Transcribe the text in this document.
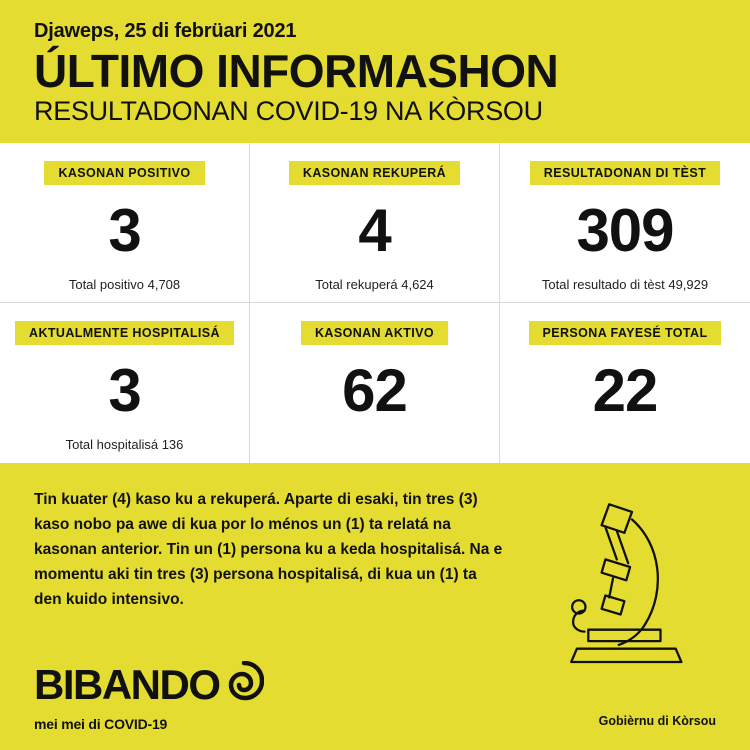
Djaweps, 25 di febrüari 2021
ÚLTIMO INFORMASHON
RESULTADONAN COVID-19 NA KÒRSOU
KASONAN POSITIVO
3
Total positivo 4,708
KASONAN REKUPERÁ
4
Total rekuperá 4,624
RESULTADONAN DI TÈST
309
Total resultado di tèst 49,929
AKTUALMENTE HOSPITALISÁ
3
Total hospitalisá 136
KASONAN AKTIVO
62
PERSONA FAYESÉ TOTAL
22
Tin kuater (4) kaso ku a rekuperá. Aparte di esaki, tin tres (3) kaso nobo pa awe di kua por lo ménos un (1) ta relatá na kasonan anterior. Tin un (1) persona ku a keda hospitalisá. Na e momentu aki tin tres (3) persona hospitalisá, di kua un (1) ta den kuido intensivo.
BIBANDO
mei mei di COVID-19	Gobièrnu di Kòrsou
